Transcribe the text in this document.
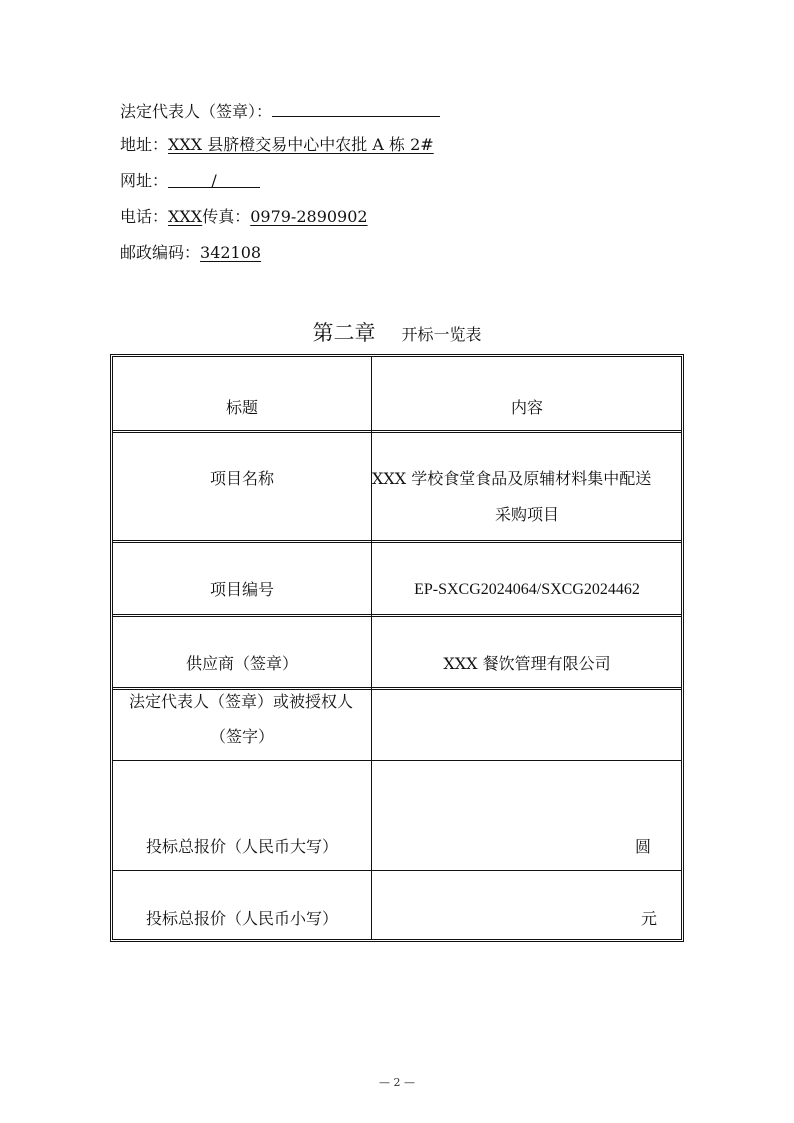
法定代表人（签章）：
地址：XXX 县脐橙交易中心中农批 A 栋 2#
网址：	/
电话：XXX传真：0979-2890902
邮政编码：342108
第二章 开标一览表
标题	内容
项目名称	XXX 学校食堂食品及原辅材料集中配送
采购项目
项目编号	EP-SXCG2024064/SXCG2024462
供应商（签章）	XXX 餐饮管理有限公司
法定代表人（签章）或被授权人
（签字）
投标总报价（人民币大写）	圆
投标总报价（人民币小写）	元
— 2 —
